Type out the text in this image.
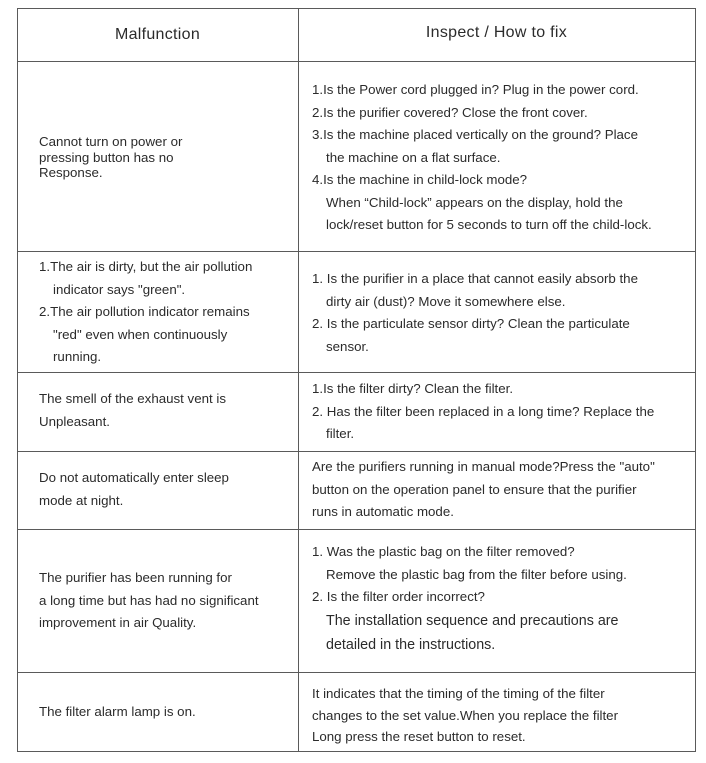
Malfunction	Inspect / How to fix
Cannot turn on power or
pressing button has no
Response.
1.Is the Power cord plugged in? Plug in the power cord.
2.Is the purifier covered? Close the front cover.
3.Is the machine placed vertically on the ground? Place
the machine on a flat surface.
4.Is the machine in child-lock mode?
When “Child-lock” appears on the display, hold the
lock/reset button for 5 seconds to turn off the child-lock.
1.The air is dirty, but the air pollution
indicator says "green".
2.The air pollution indicator remains
"red" even when continuously
running.
1. Is the purifier in a place that cannot easily absorb the
dirty air (dust)? Move it somewhere else.
2. Is the particulate sensor dirty? Clean the particulate
sensor.
The smell of the exhaust vent is
Unpleasant.
1.Is the filter dirty? Clean the filter.
2. Has the filter been replaced in a long time? Replace the
filter.
Do not automatically enter sleep
mode at night.
Are the purifiers running in manual mode?Press the "auto"
button on the operation panel to ensure that the purifier
runs in automatic mode.
The purifier has been running for
a long time but has had no significant
improvement in air Quality.
1. Was the plastic bag on the filter removed?
Remove the plastic bag from the filter before using.
2. Is the filter order incorrect?
The installation sequence and precautions are
detailed in the instructions.
The filter alarm lamp is on.
It indicates that the timing of the timing of the filter
changes to the set value.When you replace the filter
Long press the reset button to reset.
